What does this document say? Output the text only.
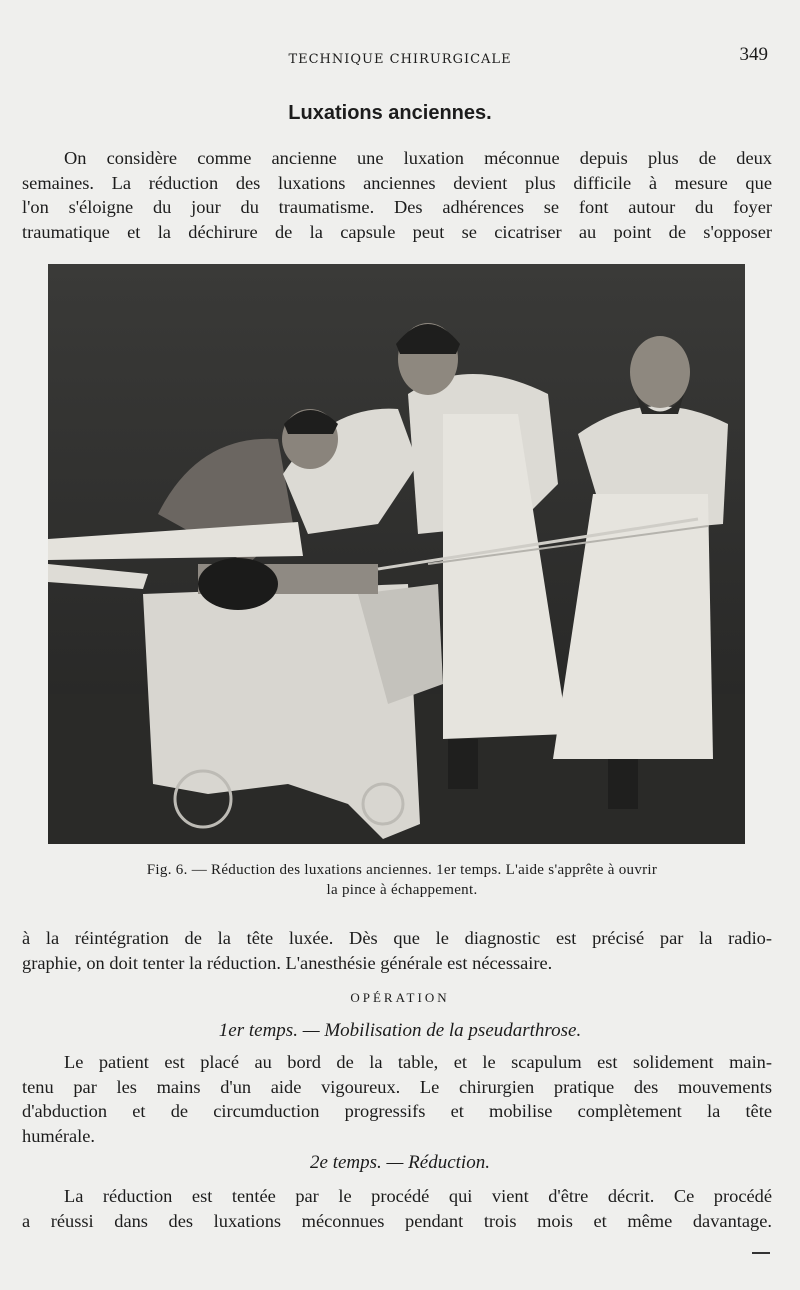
TECHNIQUE CHIRURGICALE	349
Luxations anciennes.

On considère comme ancienne une luxation méconnue depuis plus de deux
semaines. La réduction des luxations anciennes devient plus difficile à mesure que
l'on s'éloigne du jour du traumatisme. Des adhérences se font autour du foyer
traumatique et la déchirure de la capsule peut se cicatriser au point de s'opposer

Fig. 6. — Réduction des luxations anciennes. 1er temps. L'aide s'apprête à ouvrir
la pince à échappement.

à la réintégration de la tête luxée. Dès que le diagnostic est précisé par la radio-
graphie, on doit tenter la réduction. L'anesthésie générale est nécessaire.

OPÉRATION
1er temps. — Mobilisation de la pseudarthrose.

Le patient est placé au bord de la table, et le scapulum est solidement main-
tenu par les mains d'un aide vigoureux. Le chirurgien pratique des mouvements
d'abduction et de circumduction progressifs et mobilise complètement la tête
humérale.

2e temps. — Réduction.

La réduction est tentée par le procédé qui vient d'être décrit. Ce procédé
a réussi dans des luxations méconnues pendant trois mois et même davantage.
